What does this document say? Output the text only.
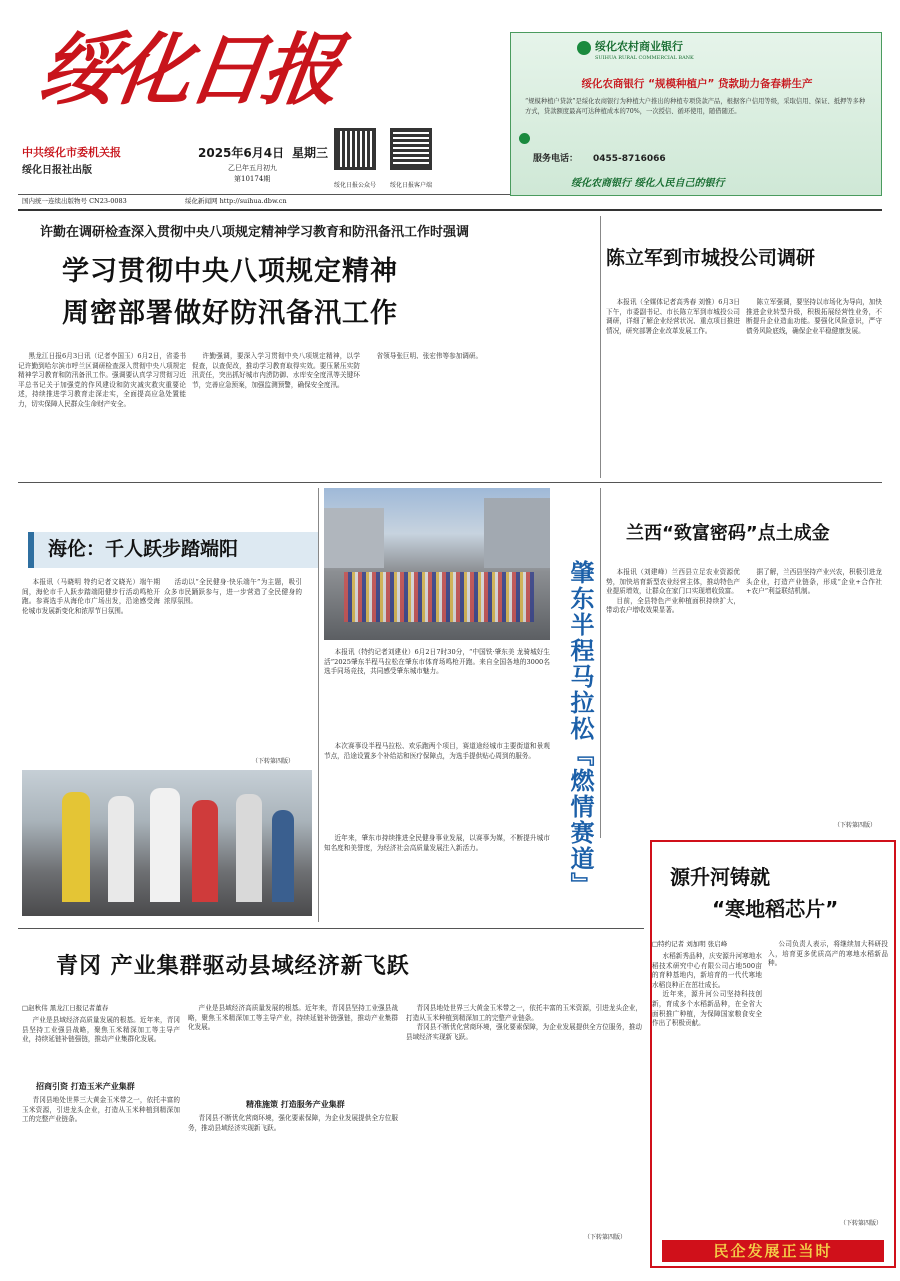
绥化日报
中共绥化市委机关报
绥化日报社出版
2025年6月4日 星期三
乙巳年五月初九
第10174期
绥化日报公众号	绥化日报客户端
国内统一连续出版物号 CN23-0083	绥化新闻网 http://suihua.dbw.cn
绥化农村商业银行
SUIHUA RURAL COMMERCIAL BANK
绥化农商银行 “规模种植户” 贷款助力备春耕生产
“规模种植户贷款”是绥化农商银行为种植大户推出的种植专项贷款产品，根据客户信用等级，采取信用、保证、抵押等多种方式，贷款额度最高可达种植成本的70%，一次授信、循环使用，随借随还。
服务电话： 0455-8716066
绥化农商银行 绥化人民自己的银行
许勤在调研检查深入贯彻中央八项规定精神学习教育和防汛备汛工作时强调
学习贯彻中央八项规定精神
周密部署做好防汛备汛工作

黑龙江日报6月3日讯（记者李国玉）6月2日，省委书记许勤到哈尔滨市呼兰区调研检查深入贯彻中央八项规定精神学习教育和防汛备汛工作。强调要认真学习贯彻习近平总书记关于加强党的作风建设和防灾减灾救灾重要论述，持续推进学习教育走深走实，全面提高应急处置能力，切实保障人民群众生命财产安全。

许勤强调，要深入学习贯彻中央八项规定精神，以学促查，以查促改，推动学习教育取得实效。要压紧压实防汛责任，突出抓好城市内涝防御、水库安全度汛等关键环节，完善应急预案，加强监测预警，确保安全度汛。

省领导张巨明、张宏伟等参加调研。

陈立军到市城投公司调研

本报讯（全媒体记者高秀春 刘惟）6月3日下午，市委副书记、市长陈立军到市城投公司调研，详细了解企业经营状况、重点项目推进情况，研究部署企业改革发展工作。

陈立军强调，要坚持以市场化为导向，加快推进企业转型升级，积极拓展经营性业务，不断提升企业造血功能。要强化风险意识，严守债务风险底线，确保企业平稳健康发展。

海伦：千人跃步踏端阳

本报讯（马晓明 特约记者文晓光）端午期间，海伦市千人跃步踏端阳健步行活动鸣枪开跑。参赛选手从海伦市广场出发，沿途感受海伦城市发展新变化和浓厚节日氛围。

活动以“全民健身·快乐端午”为主题，吸引众多市民踊跃参与，进一步营造了全民健身的浓厚氛围。

（下转第四版）	肇东半程马拉松『燃情赛道』

本报讯（特约记者刘建业）6月2日7时30分，“中国铁·肇东美 龙骑城好生活”2025肇东半程马拉松在肇东市体育场鸣枪开跑。来自全国各地的3000名选手同场竞技，共同感受肇东城市魅力。

本次赛事设半程马拉松、欢乐跑两个项目，赛道途经城市主要街道和景观节点，沿途设置多个补给站和医疗保障点，为选手提供贴心周到的服务。

近年来，肇东市持续推进全民健身事业发展，以赛事为媒，不断提升城市知名度和美誉度，为经济社会高质量发展注入新活力。

兰西“致富密码”点土成金

本报讯（刘建峰）兰西县立足农业资源优势，加快培育新型农业经营主体，推动特色产业提质增效，让群众在家门口实现增收致富。

目前，全县特色产业种植面积持续扩大，带动农户增收效果显著。

据了解，兰西县坚持产业兴农，积极引进龙头企业，打造产业链条，形成“企业+合作社+农户”利益联结机制。

（下转第四版）
源升河铸就
“寒地稻芯片”
□特约记者 刘加明 张启峰

水稻新秀品种，庆安源升河寒地水稻技术研究中心有限公司占地500亩的育种基地内，新培育的一代代寒地水稻良种正在茁壮成长。

近年来，源升河公司坚持科技创新，育成多个水稻新品种，在全省大面积推广种植，为保障国家粮食安全作出了积极贡献。

公司负责人表示，将继续加大科研投入，培育更多优质高产的寒地水稻新品种。

（下转第四版）
民企发展正当时
青冈 产业集群驱动县域经济新飞跃
□赵秋伟 黑龙江日报记者董春

产业是县域经济高质量发展的根基。近年来，青冈县坚持工业强县战略，聚焦玉米精深加工等主导产业，持续延链补链强链，推动产业集群化发展。

招商引资 打造玉米产业集群

青冈县地处世界三大黄金玉米带之一，依托丰富的玉米资源，引进龙头企业，打造从玉米种植到精深加工的完整产业链条。

产业是县域经济高质量发展的根基。近年来，青冈县坚持工业强县战略，聚焦玉米精深加工等主导产业，持续延链补链强链，推动产业集群化发展。

精准施策 打造服务产业集群

青冈县不断优化营商环境，强化要素保障，为企业发展提供全方位服务，推动县域经济实现新飞跃。

青冈县地处世界三大黄金玉米带之一，依托丰富的玉米资源，引进龙头企业，打造从玉米种植到精深加工的完整产业链条。

青冈县不断优化营商环境，强化要素保障，为企业发展提供全方位服务，推动县域经济实现新飞跃。

（下转第四版）
